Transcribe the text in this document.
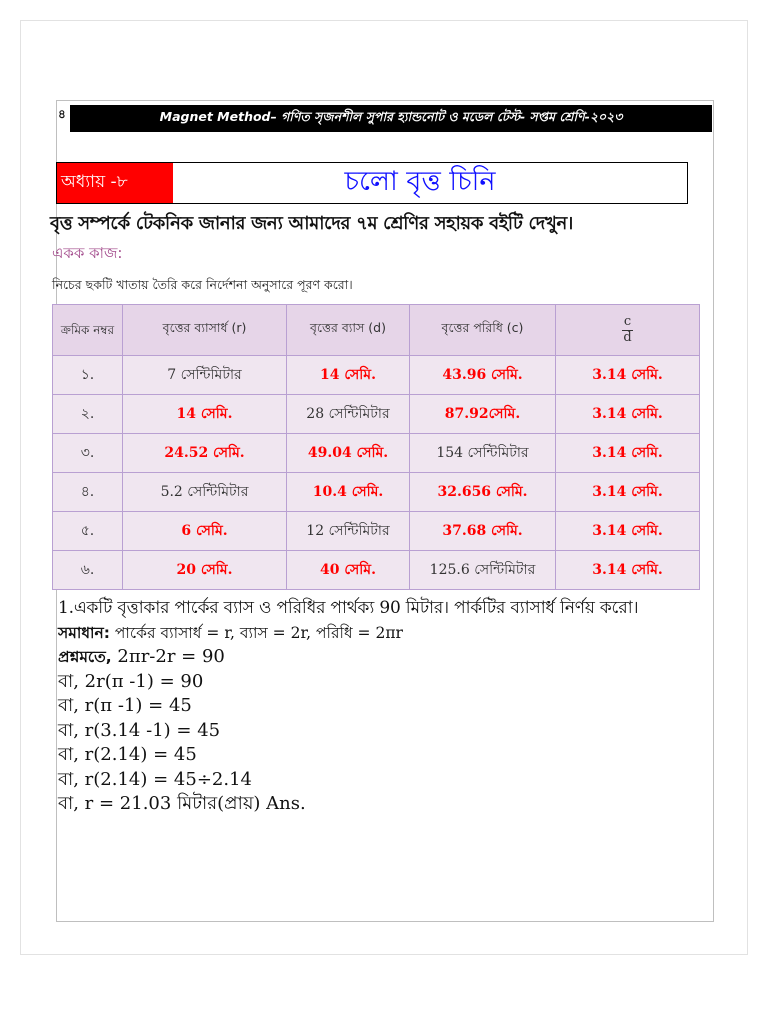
৪	Magnet Method– গণিত সৃজনশীল সুপার হ্যান্ডনোট ও মডেল টেস্ট- সপ্তম শ্রেণি-২০২৩
অধ্যায় -৮	চলো বৃত্ত চিনি
বৃত্ত সম্পর্কে টেকনিক জানার জন্য আমাদের ৭ম শ্রেণির সহায়ক বইটি দেখুন।
একক কাজ:
নিচের ছকটি খাতায় তৈরি করে নির্দেশনা অনুসারে পূরণ করো।
ক্রমিক নম্বর	বৃত্তের ব্যাসার্ধ (r)	বৃত্তের ব্যাস (d)	বৃত্তের পরিধি (c)	$\frac{c}{d}$

১.	7 সেন্টিমিটার	14 সেমি.	43.96 সেমি.	3.14 সেমি.
২.	14 সেমি.	28 সেন্টিমিটার	87.92সেমি.	3.14 সেমি.
৩.	24.52 সেমি.	49.04 সেমি.	154 সেন্টিমিটার	3.14 সেমি.
৪.	5.2 সেন্টিমিটার	10.4 সেমি.	32.656 সেমি.	3.14 সেমি.
৫.	6 সেমি.	12 সেন্টিমিটার	37.68 সেমি.	3.14 সেমি.
৬.	20 সেমি.	40 সেমি.	125.6 সেন্টিমিটার	3.14 সেমি.
1.একটি বৃত্তাকার পার্কের ব্যাস ও পরিধির পার্থক্য 90 মিটার। পার্কটির ব্যাসার্ধ নির্ণয় করো।
সমাধান: পার্কের ব্যাসার্ধ = r, ব্যাস = 2r, পরিধি = 2πr
প্রশ্নমতে, 2πr-2r = 90
বা, 2r(π -1) = 90
বা, r(π -1) = 45
বা, r(3.14 -1) = 45
বা, r(2.14) = 45
বা, r(2.14) = 45÷2.14
বা, r = 21.03 মিটার(প্রায়) Ans.
